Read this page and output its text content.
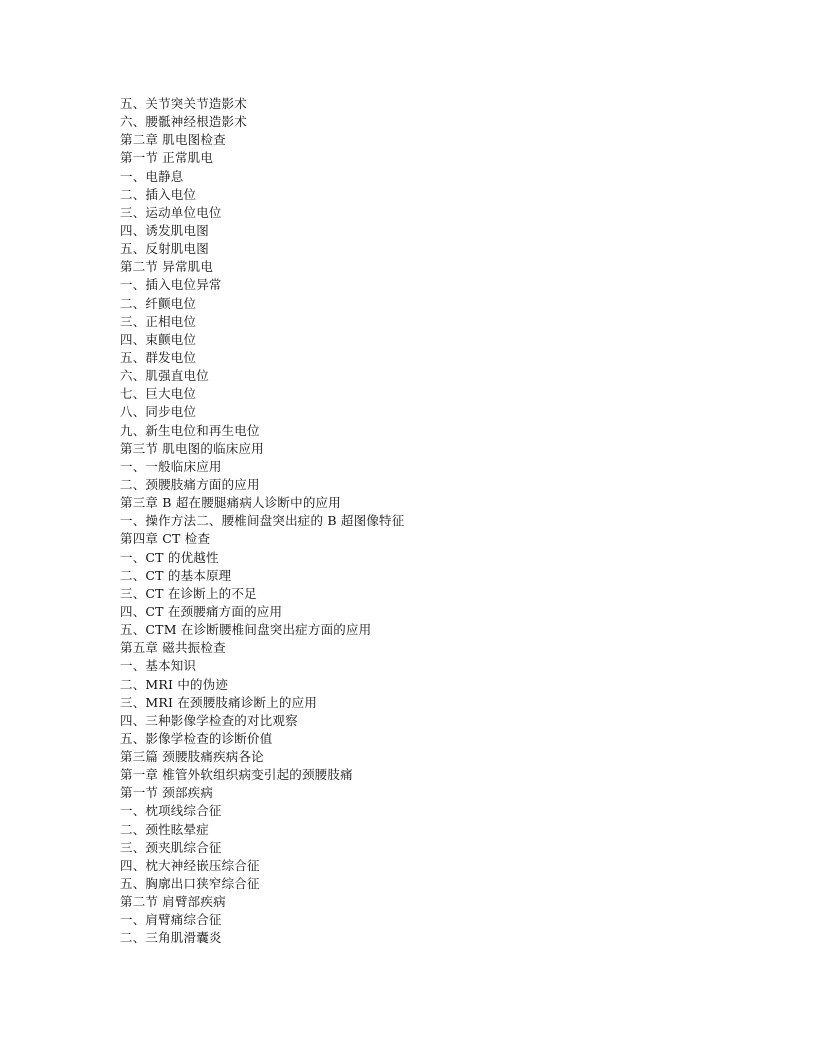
五、关节突关节造影术
六、腰骶神经根造影术
第二章 肌电图检查
第一节 正常肌电
一、电静息
二、插入电位
三、运动单位电位
四、诱发肌电图
五、反射肌电图
第二节 异常肌电
一、插入电位异常
二、纤颤电位
三、正相电位
四、束颤电位
五、群发电位
六、肌强直电位
七、巨大电位
八、同步电位
九、新生电位和再生电位
第三节 肌电图的临床应用
一、一般临床应用
二、颈腰肢痛方面的应用
第三章 B 超在腰腿痛病人诊断中的应用
一、操作方法二、腰椎间盘突出症的 B 超图像特征
第四章 CT 检查
一、CT 的优越性
二、CT 的基本原理
三、CT 在诊断上的不足
四、CT 在颈腰痛方面的应用
五、CTM 在诊断腰椎间盘突出症方面的应用
第五章 磁共振检查
一、基本知识
二、MRI 中的伪迹
三、MRI 在颈腰肢痛诊断上的应用
四、三种影像学检查的对比观察
五、影像学检查的诊断价值
第三篇 颈腰肢痛疾病各论
第一章 椎管外软组织病变引起的颈腰肢痛
第一节 颈部疾病
一、枕项线综合征
二、颈性眩晕症
三、颈夹肌综合征
四、枕大神经嵌压综合征
五、胸廓出口狭窄综合征
第二节 肩臂部疾病
一、肩臂痛综合征
二、三角肌滑囊炎
